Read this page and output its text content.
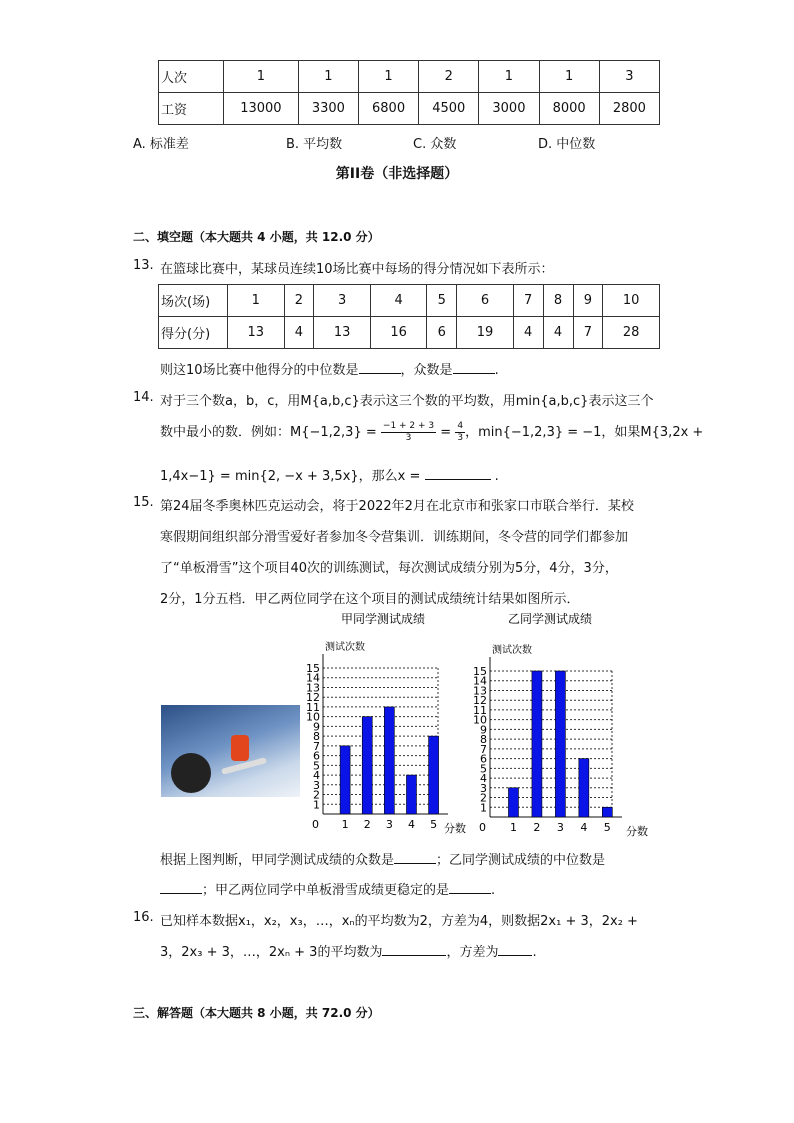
人次	1	1	1	2	1	1	3
工资	13000	3300	6800	4500	3000	8000	2800
A. 标准差	B. 平均数	C. 众数	D. 中位数
第II卷（非选择题）
二、填空题（本大题共 4 小题，共 12.0 分）
13. 在篮球比赛中，某球员连续10场比赛中每场的得分情况如下表所示：
场次(场)	1	2	3	4	5	6	7	8	9	10
得分(分)	13	4	13	16	6	19	4	4	7	28
则这10场比赛中他得分的中位数是	，众数是	.
14. 对于三个数a，b，c，用M{a,b,c}表示这三个数的平均数，用min{a,b,c}表示这三个
数中最小的数．例如：$M\{-1,2,3\} = \frac{-1 + 2 + 3}{3} = \frac{4}{3}$ ，min{−1,2,3} = −1，如果M{3,2x +
1,4x−1} = min{2, −x + 3,5x}，那么x =	.
15. 第24届冬季奥林匹克运动会，将于2022年2月在北京市和张家口市联合举行．某校
寒假期间组织部分滑雪爱好者参加冬令营集训．训练期间，冬令营的同学们都参加
了“单板滑雪”这个项目40次的训练测试，每次测试成绩分别为5分，4分，3分，
2分，1分五档．甲乙两位同学在这个项目的测试成绩统计结果如图所示．
甲同学测试成绩
测试次数
1
2
3
4
5
6
7
8
9
10
11
12
13
14
15
0	分数
1 2 3 4 5
乙同学测试成绩
测试次数
1
2
3
4
5
6
7
8
9
10
11
12
13
14
15
0	分数
1 2 3 4 5
根据上图判断，甲同学测试成绩的众数是	；乙同学测试成绩的中位数是
；甲乙两位同学中单板滑雪成绩更稳定的是	.
16. 已知样本数据x₁，x₂，x₃，…，xₙ的平均数为2，方差为4，则数据2x₁ + 3，2x₂ +
3，2x₃ + 3，…，2xₙ + 3的平均数为	，方差为	.
三、解答题（本大题共 8 小题，共 72.0 分）
